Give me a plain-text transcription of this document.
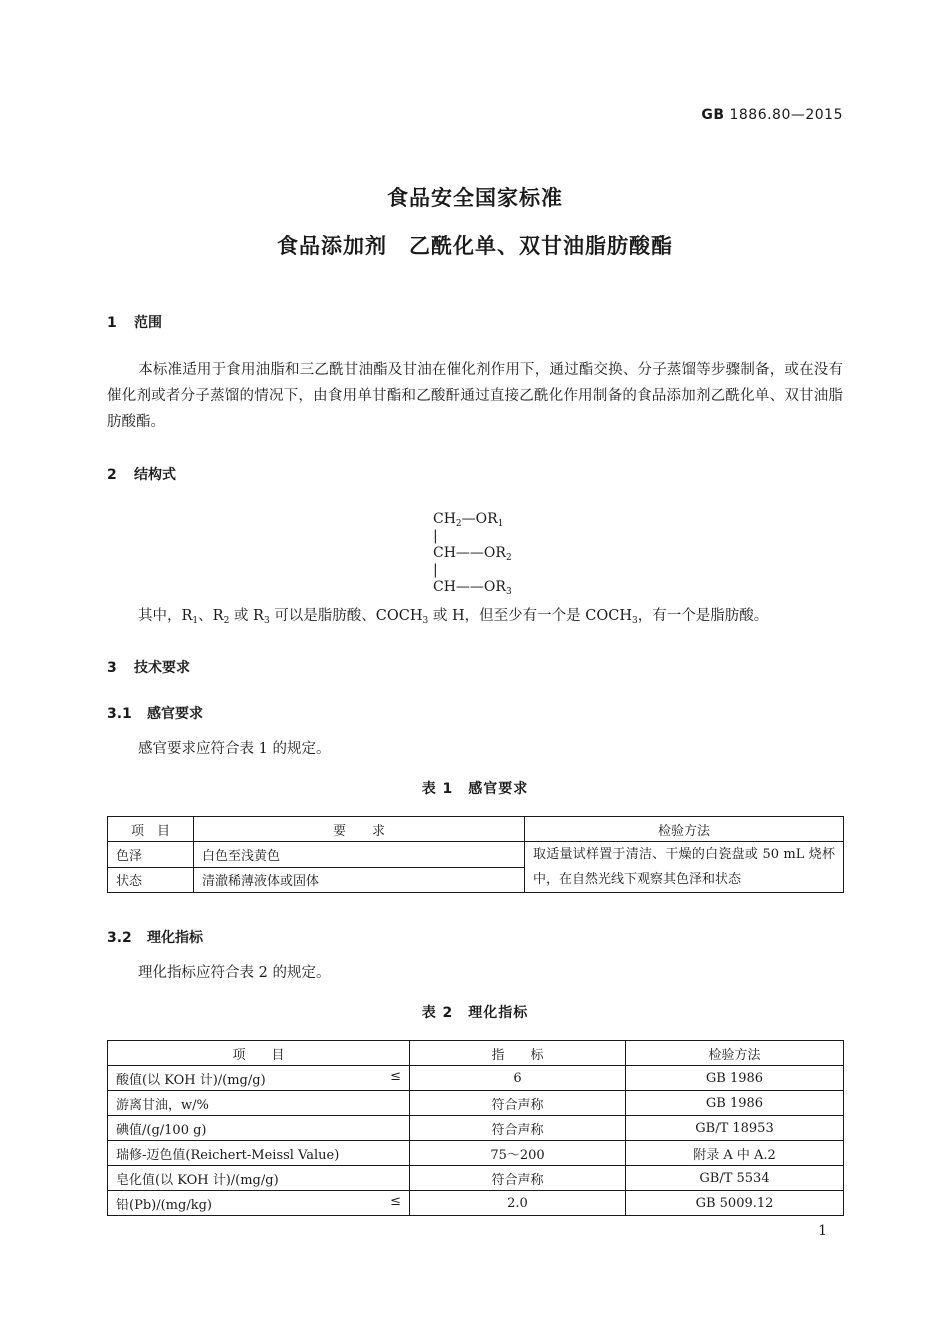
GB 1886.80—2015
食品安全国家标准
食品添加剂　乙酰化单、双甘油脂肪酸酯
1 范围
本标准适用于食用油脂和三乙酰甘油酯及甘油在催化剂作用下，通过酯交换、分子蒸馏等步骤制备，或在没有催化剂或者分子蒸馏的情况下，由食用单甘酯和乙酸酐通过直接乙酰化作用制备的食品添加剂乙酰化单、双甘油脂肪酸酯。
2 结构式
$CH_2—OR_1$
|
$CH——OR_2$
|
$CH——OR_3$
其中，$R_1$、$R_2$ 或 $R_3$ 可以是脂肪酸、$COCH_3$ 或 H，但至少有一个是 $COCH_3$，有一个是脂肪酸。
3 技术要求
3.1 感官要求
感官要求应符合表 1 的规定。
表 1　感官要求
项　目	要　　求	检验方法
色泽	白色至浅黄色	取适量试样置于清洁、干燥的白瓷盘或 50 mL 烧杯中，在自然光线下观察其色泽和状态
状态	清澈稀薄液体或固体	
3.2 理化指标
理化指标应符合表 2 的规定。
表 2　理化指标
项　　目	指　　标	检验方法
酸值(以 KOH 计)/(mg/g) ≤	6	GB 1986
游离甘油，w/%	符合声称	GB 1986
碘值/(g/100 g)	符合声称	GB/T 18953
瑞修-迈色值(Reichert-Meissl Value)	75～200	附录 A 中 A.2
皂化值(以 KOH 计)/(mg/g)	符合声称	GB/T 5534
铅(Pb)/(mg/kg) ≤	2.0	GB 5009.12
1
